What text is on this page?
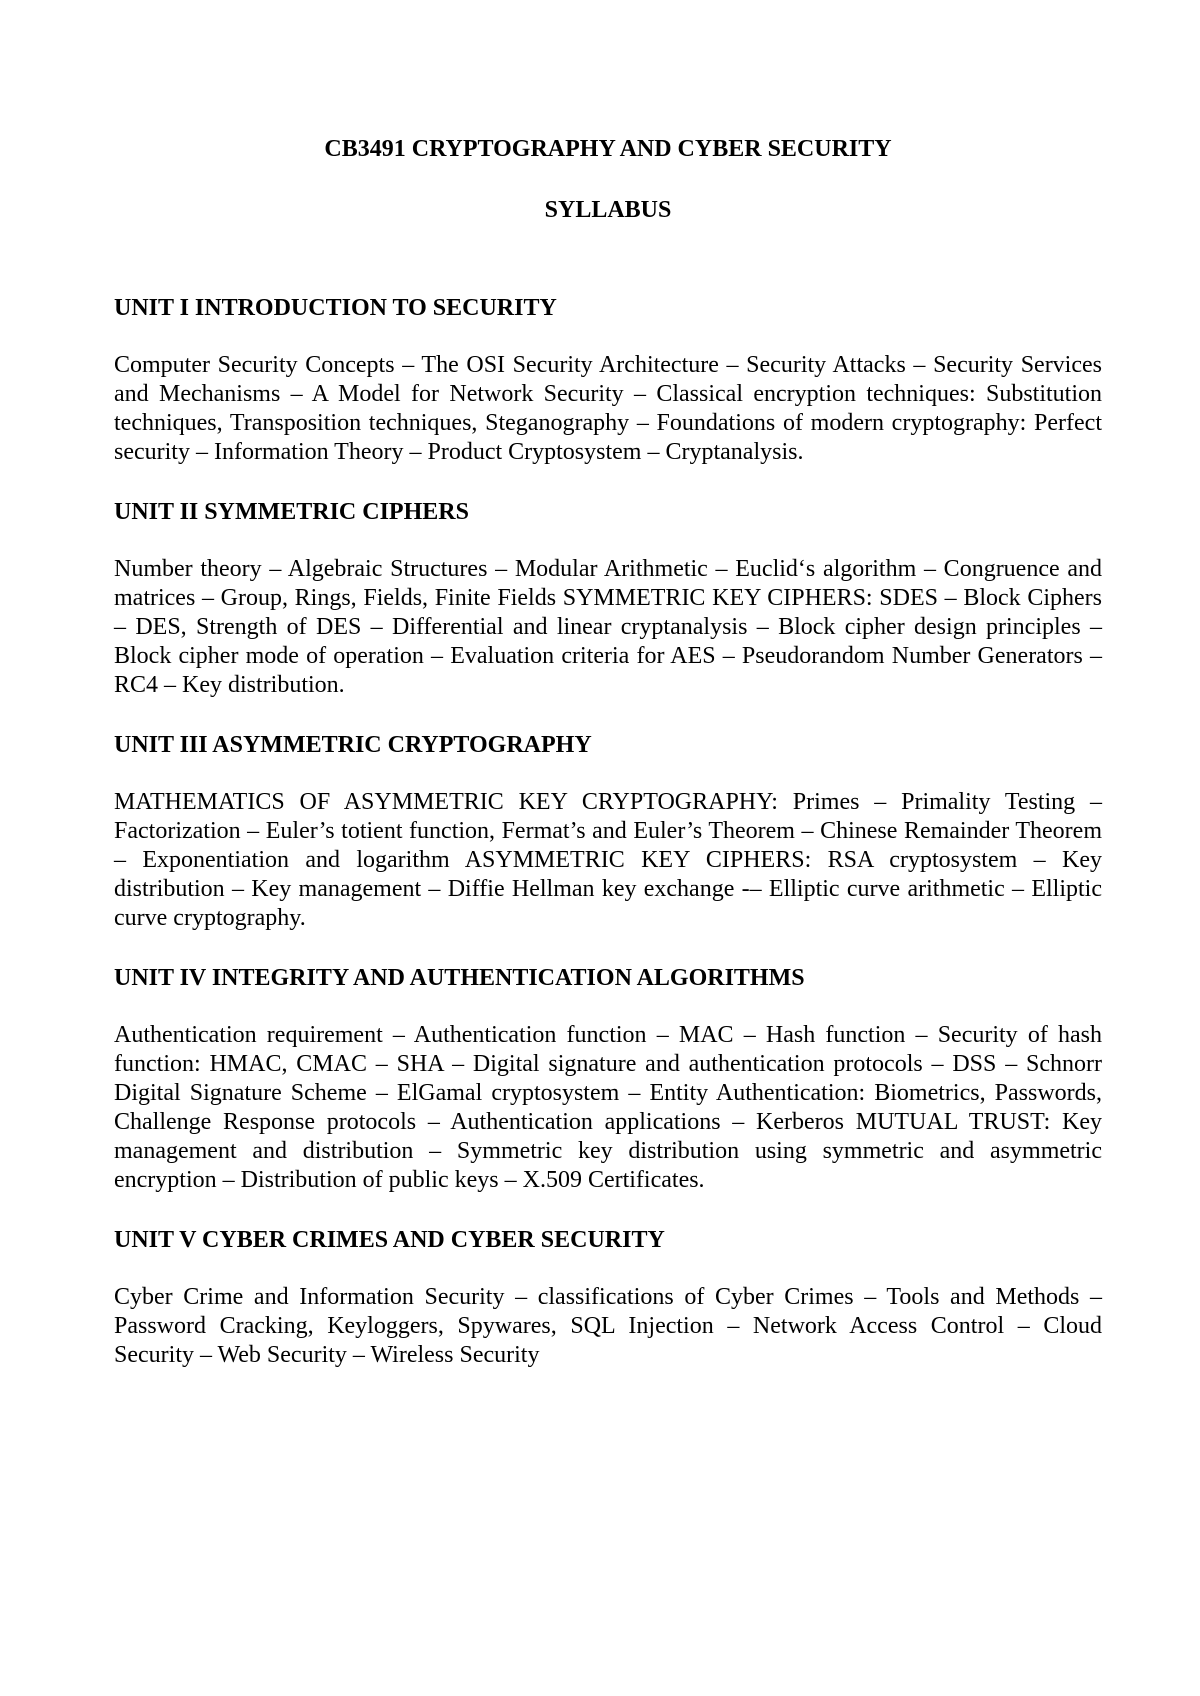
CB3491 CRYPTOGRAPHY AND CYBER SECURITY
SYLLABUS
UNIT I INTRODUCTION TO SECURITY

Computer Security Concepts – The OSI Security Architecture – Security Attacks – Security Services and Mechanisms – A Model for Network Security – Classical encryption techniques: Substitution techniques, Transposition techniques, Steganography – Foundations of modern cryptography: Perfect security – Information Theory – Product Cryptosystem – Cryptanalysis.

UNIT II SYMMETRIC CIPHERS

Number theory – Algebraic Structures – Modular Arithmetic – Euclid‘s algorithm – Congruence and matrices – Group, Rings, Fields, Finite Fields SYMMETRIC KEY CIPHERS: SDES – Block Ciphers – DES, Strength of DES – Differential and linear cryptanalysis – Block cipher design principles – Block cipher mode of operation – Evaluation criteria for AES – Pseudorandom Number Generators – RC4 – Key distribution.

UNIT III ASYMMETRIC CRYPTOGRAPHY

MATHEMATICS OF ASYMMETRIC KEY CRYPTOGRAPHY: Primes – Primality Testing – Factorization – Euler’s totient function, Fermat’s and Euler’s Theorem – Chinese Remainder Theorem – Exponentiation and logarithm ASYMMETRIC KEY CIPHERS: RSA cryptosystem – Key distribution – Key management – Diffie Hellman key exchange -– Elliptic curve arithmetic – Elliptic curve cryptography.

UNIT IV INTEGRITY AND AUTHENTICATION ALGORITHMS

Authentication requirement – Authentication function – MAC – Hash function – Security of hash function: HMAC, CMAC – SHA – Digital signature and authentication protocols – DSS – Schnorr Digital Signature Scheme – ElGamal cryptosystem – Entity Authentication: Biometrics, Passwords, Challenge Response protocols – Authentication applications – Kerberos MUTUAL TRUST: Key management and distribution – Symmetric key distribution using symmetric and asymmetric encryption – Distribution of public keys – X.509 Certificates.

UNIT V CYBER CRIMES AND CYBER SECURITY

Cyber Crime and Information Security – classifications of Cyber Crimes – Tools and Methods – Password Cracking, Keyloggers, Spywares, SQL Injection – Network Access Control – Cloud Security – Web Security – Wireless Security
